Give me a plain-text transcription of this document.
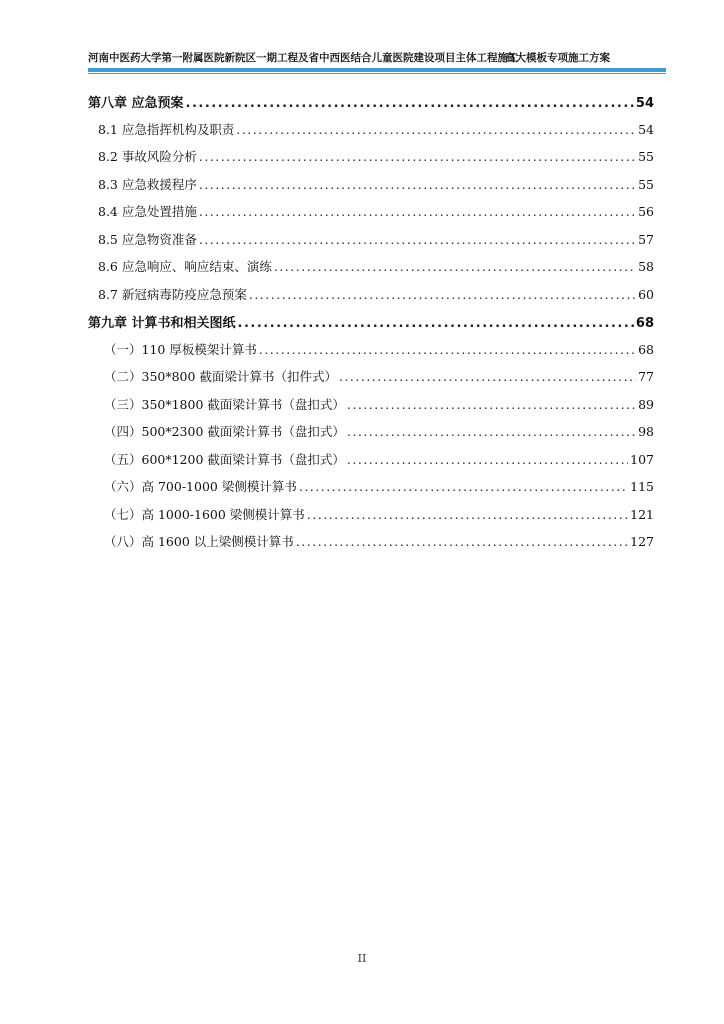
河南中医药大学第一附属医院新院区一期工程及省中西医结合儿童医院建设项目主体工程施工
高大模板专项施工方案
第八章 应急预案 .....	54
8.1 应急指挥机构及职责 .....	54
8.2 事故风险分析 .....	55
8.3 应急救援程序 .....	55
8.4 应急处置措施 .....	56
8.5 应急物资准备 .....	57
8.6 应急响应、响应结束、演练 .....	58
8.7 新冠病毒防疫应急预案 .....	60
第九章 计算书和相关图纸 .....	68
（一）110 厚板模架计算书 .....	68
（二）350*800 截面梁计算书（扣件式） .....	77
（三）350*1800 截面梁计算书（盘扣式） .....	89
（四）500*2300 截面梁计算书（盘扣式） .....	98
（五）600*1200 截面梁计算书（盘扣式） .....	107
（六）高 700-1000 梁侧模计算书 .....	115
（七）高 1000-1600 梁侧模计算书 .....	121
（八）高 1600 以上梁侧模计算书 .....	127
II
